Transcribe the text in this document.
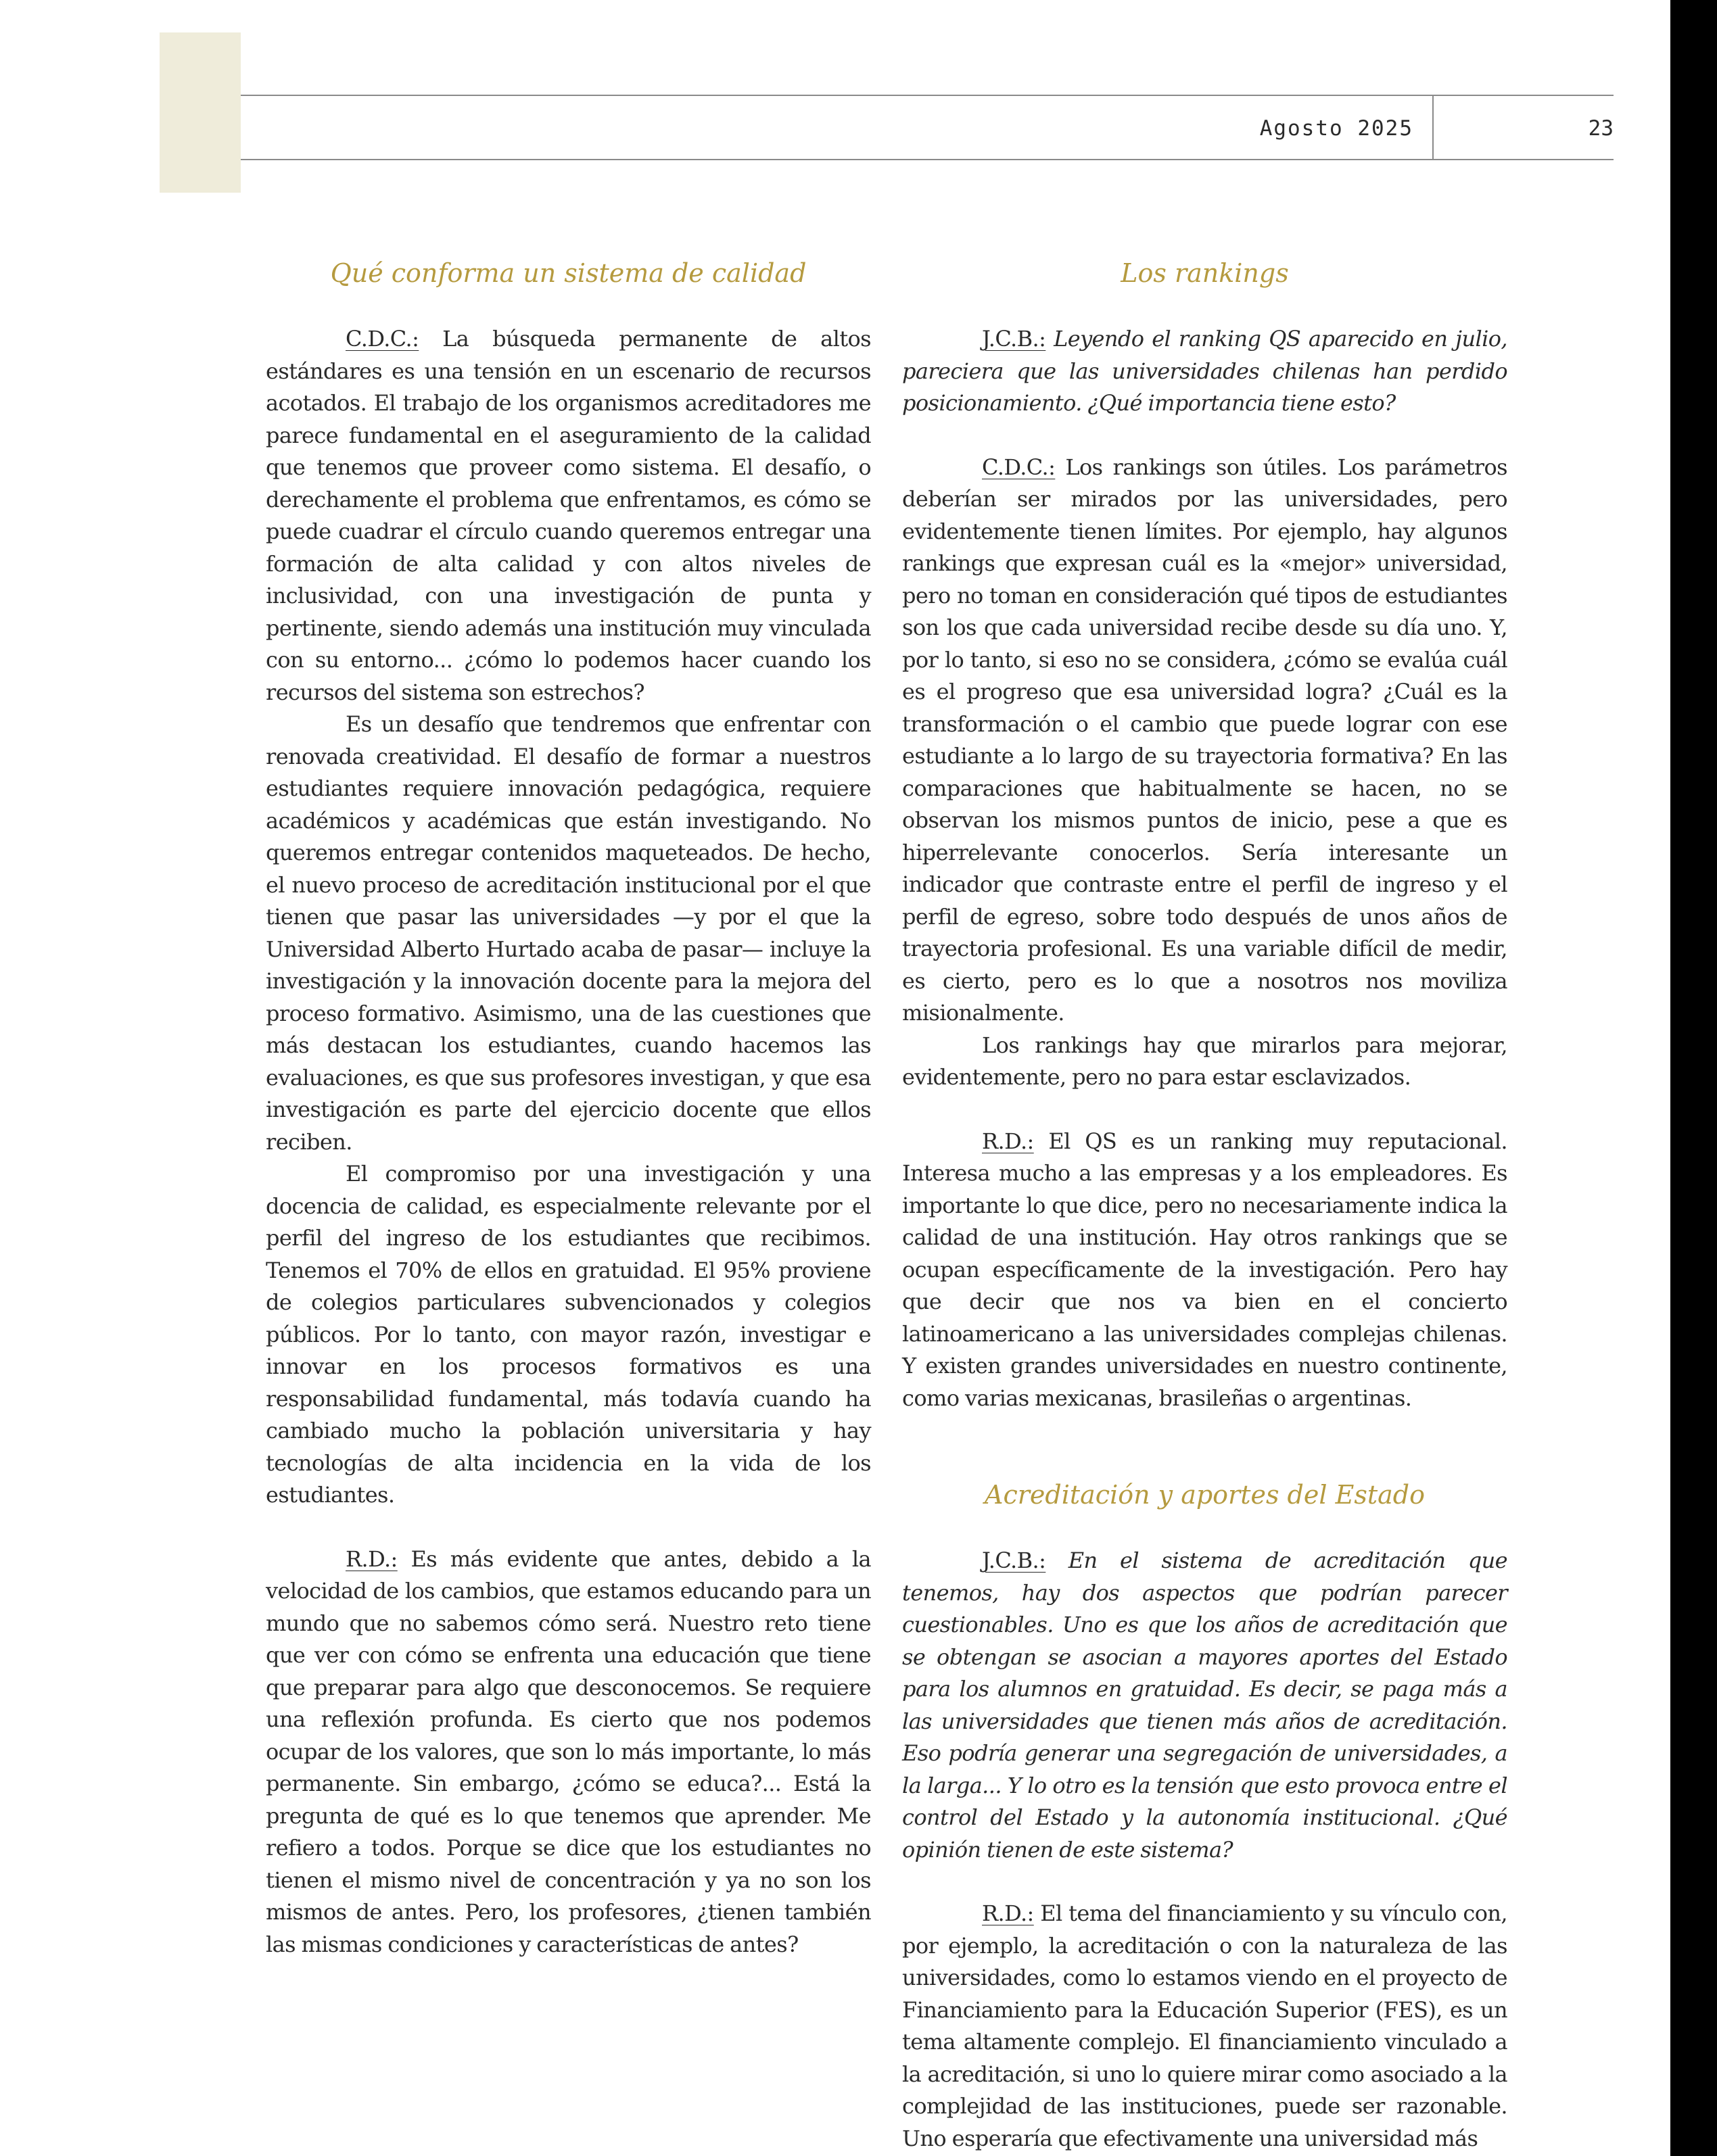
Agosto 2025	23
Qué conforma un sistema de calidad

C.D.C.: La búsqueda permanente de altos estándares es una tensión en un escenario de recursos acotados. El trabajo de los organismos acreditadores me parece fundamental en el aseguramiento de la calidad que tenemos que proveer como sistema. El desafío, o derechamente el problema que enfrentamos, es cómo se puede cuadrar el círculo cuando queremos entregar una formación de alta calidad y con altos niveles de inclusividad, con una investigación de punta y pertinente, siendo además una institución muy vinculada con su entorno... ¿cómo lo podemos hacer cuando los recursos del sistema son estrechos?

Es un desafío que tendremos que enfrentar con renovada creatividad. El desafío de formar a nuestros estudiantes requiere innovación pedagógica, requiere académicos y académicas que están investigando. No queremos entregar contenidos maqueteados. De hecho, el nuevo proceso de acreditación institucional por el que tienen que pasar las universidades —y por el que la Universidad Alberto Hurtado acaba de pasar— incluye la investigación y la innovación docente para la mejora del proceso formativo. Asimismo, una de las cuestiones que más destacan los estudiantes, cuando hacemos las evaluaciones, es que sus profesores investigan, y que esa investigación es parte del ejercicio docente que ellos reciben.

El compromiso por una investigación y una docencia de calidad, es especialmente relevante por el perfil del ingreso de los estudiantes que recibimos. Tenemos el 70% de ellos en gratuidad. El 95% proviene de colegios particulares subvencionados y colegios públicos. Por lo tanto, con mayor razón, investigar e innovar en los procesos formativos es una responsabilidad fundamental, más todavía cuando ha cambiado mucho la población universitaria y hay tecnologías de alta incidencia en la vida de los estudiantes.

R.D.: Es más evidente que antes, debido a la velocidad de los cambios, que estamos educando para un mundo que no sabemos cómo será. Nuestro reto tiene que ver con cómo se enfrenta una educación que tiene que preparar para algo que desconocemos. Se requiere una reflexión profunda. Es cierto que nos podemos ocupar de los valores, que son lo más importante, lo más permanente. Sin embargo, ¿cómo se educa?... Está la pregunta de qué es lo que tenemos que aprender. Me refiero a todos. Porque se dice que los estudiantes no tienen el mismo nivel de concentración y ya no son los mismos de antes. Pero, los profesores, ¿tienen también las mismas condiciones y características de antes?

Los rankings

J.C.B.: Leyendo el ranking QS aparecido en julio, pareciera que las universidades chilenas han perdido posicionamiento. ¿Qué importancia tiene esto?

C.D.C.: Los rankings son útiles. Los parámetros deberían ser mirados por las universidades, pero evidentemente tienen límites. Por ejemplo, hay algunos rankings que expresan cuál es la «mejor» universidad, pero no toman en consideración qué tipos de estudiantes son los que cada universidad recibe desde su día uno. Y, por lo tanto, si eso no se considera, ¿cómo se evalúa cuál es el progreso que esa universidad logra? ¿Cuál es la transformación o el cambio que puede lograr con ese estudiante a lo largo de su trayectoria formativa? En las comparaciones que habitualmente se hacen, no se observan los mismos puntos de inicio, pese a que es hiperrelevante conocerlos. Sería interesante un indicador que contraste entre el perfil de ingreso y el perfil de egreso, sobre todo después de unos años de trayectoria profesional. Es una variable difícil de medir, es cierto, pero es lo que a nosotros nos moviliza misionalmente.

Los rankings hay que mirarlos para mejorar, evidentemente, pero no para estar esclavizados.

R.D.: El QS es un ranking muy reputacional. Interesa mucho a las empresas y a los empleadores. Es importante lo que dice, pero no necesariamente indica la calidad de una institución. Hay otros rankings que se ocupan específicamente de la investigación. Pero hay que decir que nos va bien en el concierto latinoamericano a las universidades complejas chilenas. Y existen grandes universidades en nuestro continente, como varias mexicanas, brasileñas o argentinas.

Acreditación y aportes del Estado

J.C.B.: En el sistema de acreditación que tenemos, hay dos aspectos que podrían parecer cuestionables. Uno es que los años de acreditación que se obtengan se asocian a mayores aportes del Estado para los alumnos en gratuidad. Es decir, se paga más a las universidades que tienen más años de acreditación. Eso podría generar una segregación de universidades, a la larga... Y lo otro es la tensión que esto provoca entre el control del Estado y la autonomía institucional. ¿Qué opinión tienen de este sistema?

R.D.: El tema del financiamiento y su vínculo con, por ejemplo, la acreditación o con la naturaleza de las universidades, como lo estamos viendo en el proyecto de Financiamiento para la Educación Superior (FES), es un tema altamente complejo. El financiamiento vinculado a la acreditación, si uno lo quiere mirar como asociado a la complejidad de las instituciones, puede ser razonable. Uno esperaría que efectivamente una universidad más
